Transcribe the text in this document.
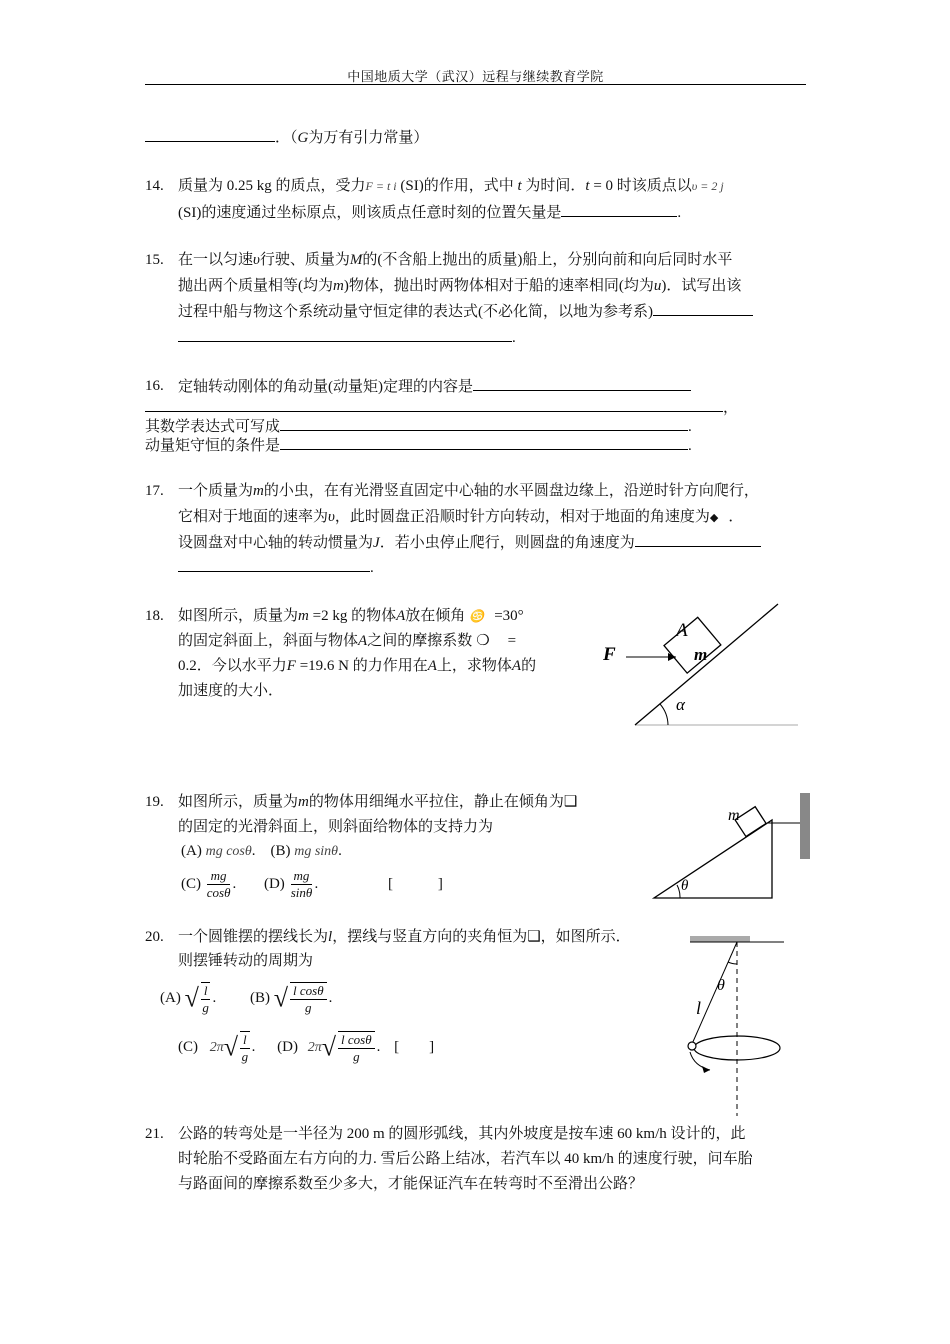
中国地质大学（武汉）远程与继续教育学院
．（G为万有引力常量）
14. 质量为 0.25 kg 的质点，受力F = t i (SI)的作用，式中 t 为时间．t = 0 时该质点以υ = 2 j
(SI)的速度通过坐标原点，则该质点任意时刻的位置矢量是	.
15. 在一以匀速υ行驶、质量为M的(不含船上抛出的质量)船上，分别向前和向后同时水平
抛出两个质量相等(均为m)物体，抛出时两物体相对于船的速率相同(均为u)．试写出该
过程中船与物这个系统动量守恒定律的表达式(不必化简，以地为参考系)
.
16. 定轴转动刚体的角动量(动量矩)定理的内容是
，
其数学表达式可写成	.
动量矩守恒的条件是	.
17. 一个质量为m的小虫，在有光滑竖直固定中心轴的水平圆盘边缘上，沿逆时针方向爬行，
它相对于地面的速率为υ，此时圆盘正沿顺时针方向转动，相对于地面的角速度为◆ ．
设圆盘对中心轴的转动惯量为J．若小虫停止爬行，则圆盘的角速度为
.
18. 如图所示，质量为m =2 kg 的物体A放在倾角 ♋ =30°
的固定斜面上，斜面与物体A之间的摩擦系数 ❍ =
0.2．今以水平力F =19.6 N 的力作用在A上，求物体A的
加速度的大小．
α
A
m
F
19. 如图所示，质量为m的物体用细绳水平拉住，静止在倾角为❑
的固定的光滑斜面上，则斜面给物体的支持力为
(A) mg cosθ.　(B) mg sinθ.
$(C) \frac{mg}{\cos\theta}$ . $(D) \frac{mg}{\sin\theta}$ .	[　　　]
m
θ
20. 一个圆锥摆的摆线长为l，摆线与竖直方向的夹角恒为❑，如图所示．
则摆锤转动的周期为
(A) √ $\frac{l}{g}$ . (B) √ $\frac{\text{l cosθ}}{g}$ .
(C) $2\pi√ \frac{l}{g}$ . (D) $2\pi√ \frac{\text{l cosθ}}{g}$ . [　　]
θ
l
21. 公路的转弯处是一半径为 200 m 的圆形弧线，其内外坡度是按车速 60 km/h 设计的，此
时轮胎不受路面左右方向的力. 雪后公路上结冰，若汽车以 40 km/h 的速度行驶，问车胎
与路面间的摩擦系数至少多大，才能保证汽车在转弯时不至滑出公路？
